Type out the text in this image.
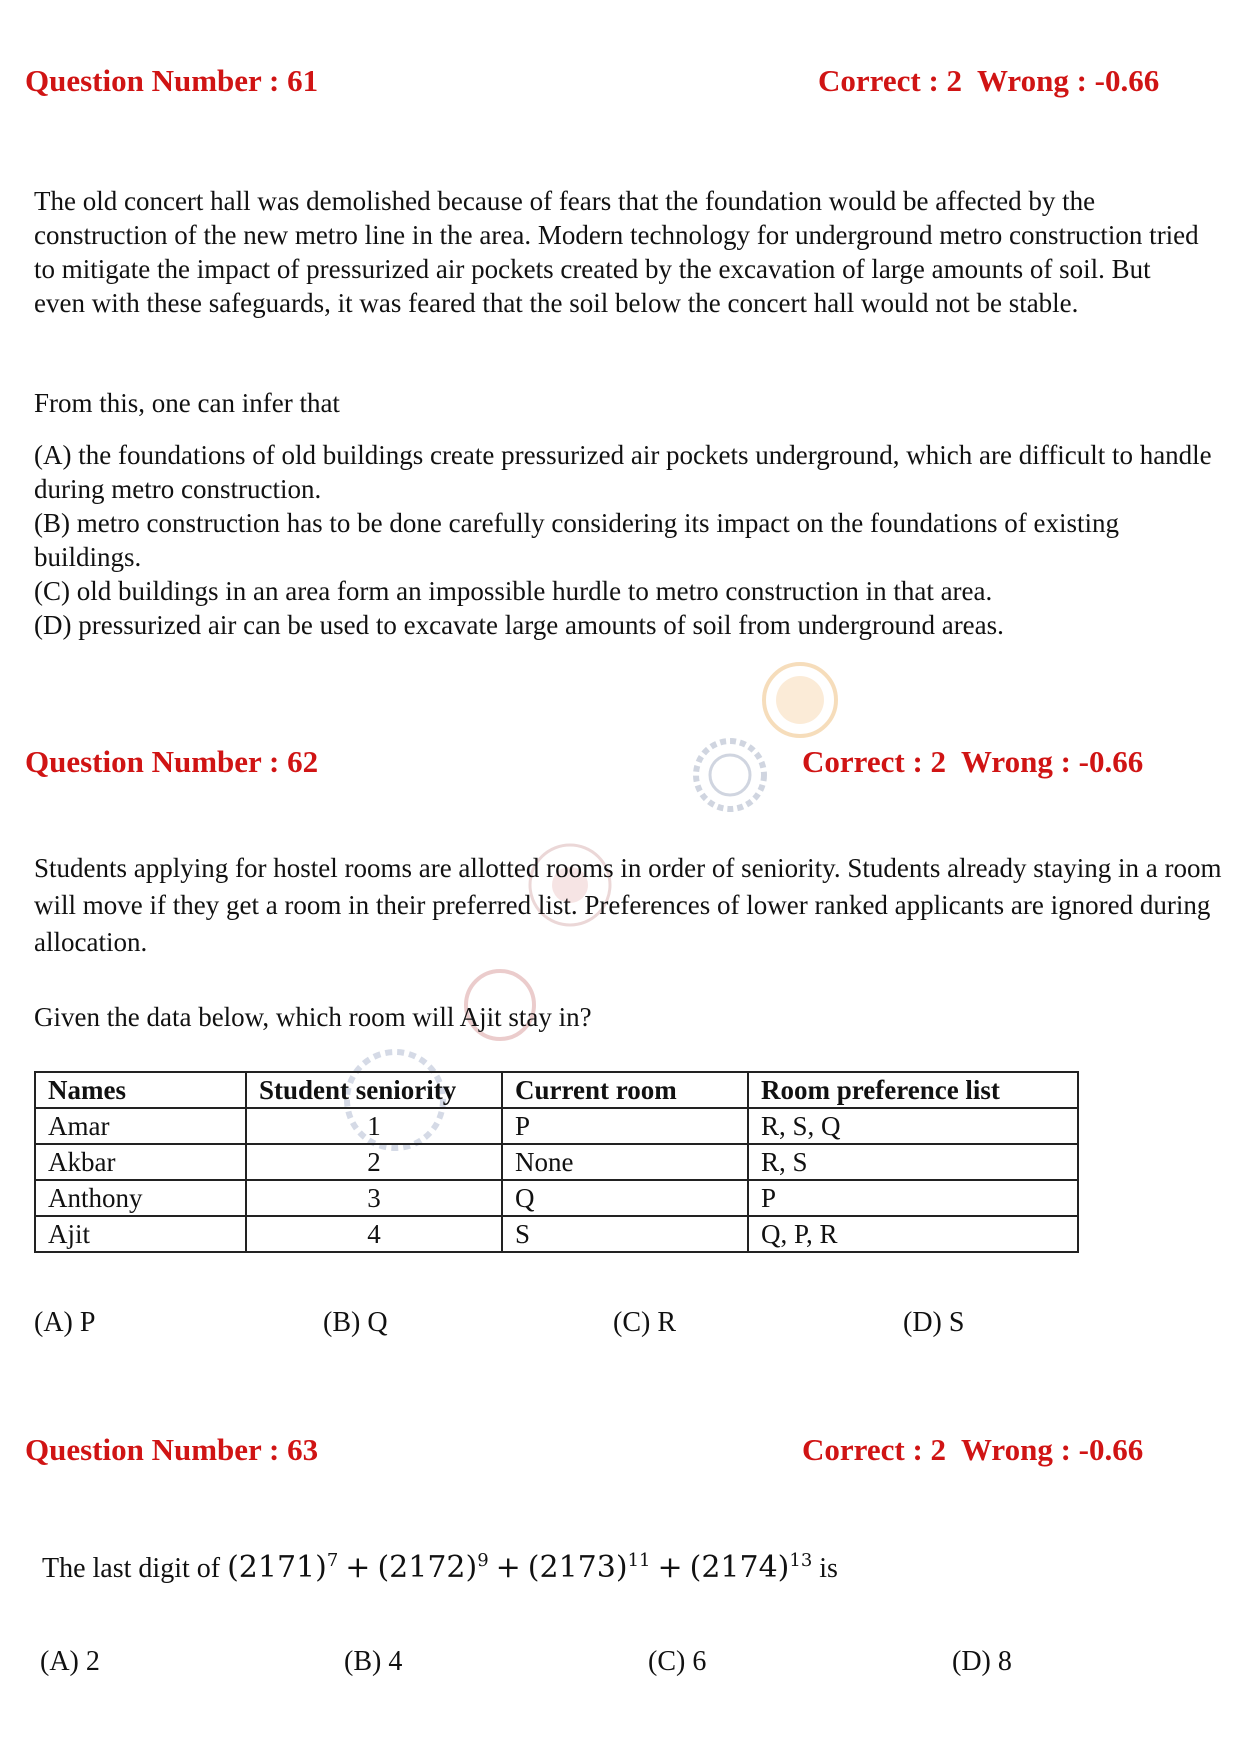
Question Number : 61	Correct : 2  Wrong : -0.66

The old concert hall was demolished because of fears that the foundation would be affected by the construction of the new metro line in the area. Modern technology for underground metro construction tried to mitigate the impact of pressurized air pockets created by the excavation of large amounts of soil. But even with these safeguards, it was feared that the soil below the concert hall would not be stable.

From this, one can infer that

(A) the foundations of old buildings create pressurized air pockets underground, which are difficult to handle during metro construction.
(B) metro construction has to be done carefully considering its impact on the foundations of existing buildings.
(C) old buildings in an area form an impossible hurdle to metro construction in that area.
(D) pressurized air can be used to excavate large amounts of soil from underground areas.
Question Number : 62	Correct : 2  Wrong : -0.66

Students applying for hostel rooms are allotted rooms in order of seniority. Students already staying in a room will move if they get a room in their preferred list. Preferences of lower ranked applicants are ignored during allocation.

Given the data below, which room will Ajit stay in?

Names	Student seniority	Current room	Room preference list
Amar	1	P	R, S, Q
Akbar	2	None	R, S
Anthony	3	Q	P
Ajit	4	S	Q, P, R
(A) P	(B) Q	(C) R	(D) S
Question Number : 63	Correct : 2  Wrong : -0.66
The last digit of $(2171)^7 + (2172)^9 + (2173)^{11} + (2174)^{13}$ is
(A) 2	(B) 4	(C) 6	(D) 8
